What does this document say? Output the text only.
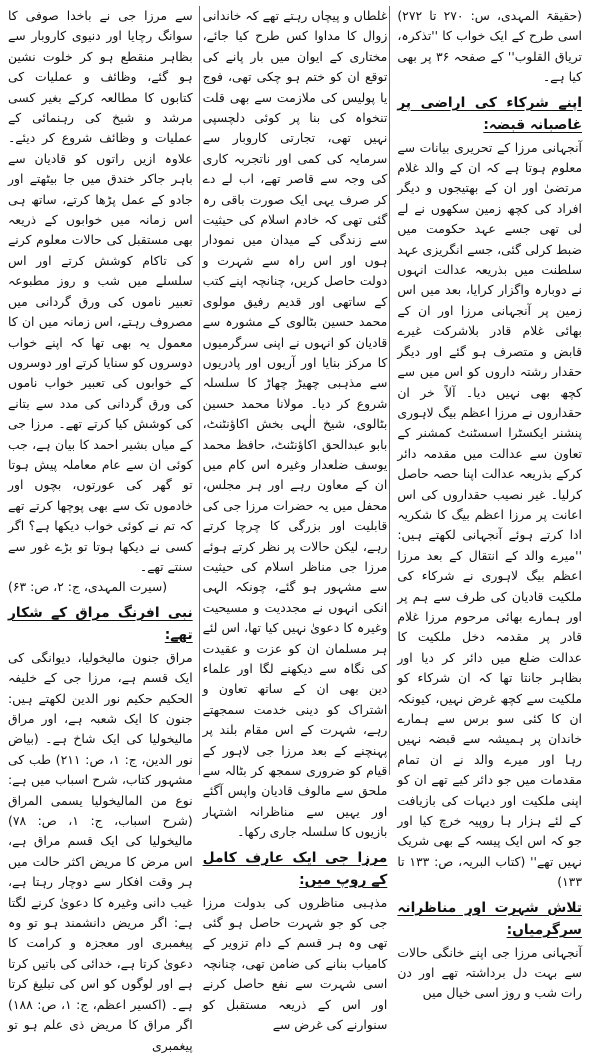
(حقیقۃ المہدی، س: ۲۷۰ تا ۲۷۲) اسی طرح کے ایک خواب کا ''تذکرہ، تریاق القلوب'' کے صفحہ ۳۶ پر بھی کیا ہے۔

اپنے شرکاء کی اراضی پر غاصبانہ قبضہ:

آنجہانی مرزا کے تحریری بیانات سے معلوم ہوتا ہے کہ ان کے والد غلام مرتضیٰ اور ان کے بھتیجوں و دیگر افراد کی کچھ زمین سکھوں نے لے لی تھی جسے عہد حکومت میں ضبط کرلی گئی، جسے انگریزی عہد سلطنت میں بذریعہ عدالت انہوں نے دوبارہ واگزار کرایا، بعد میں اس زمین پر آنجہانی مرزا اور ان کے بھائی غلام قادر بلاشرکت غیرے قابض و متصرف ہو گئے اور دیگر حقدار رشتہ داروں کو اس میں سے کچھ بھی نہیں دیا۔ آلاً خر ان حقداروں نے مرزا اعظم بیگ لاہوری پنشنر ایکسٹرا اسسٹنٹ کمشنر کے تعاون سے عدالت میں مقدمہ دائر کرکے بذریعہ عدالت اپنا حصہ حاصل کرلیا۔ غیر نصیب حقداروں کی اس اعانت پر مرزا اعظم بیگ کا شکریہ ادا کرتے ہوئے آنجہانی لکھتے ہیں: ''میرے والد کے انتقال کے بعد مرزا اعظم بیگ لاہوری نے شرکاء کی ملکیت قادیان کی طرف سے ہم پر اور ہمارے بھائی مرحوم مرزا غلام قادر پر مقدمہ دخل ملکیت کا عدالت ضلع میں دائر کر دیا اور بظاہر جانتا تھا کہ ان شرکاء کو ملکیت سے کچھ غرض نہیں، کیونکہ ان کا کئی سو برس سے ہمارے خاندان پر ہمیشہ سے قبضہ نہیں رہا اور میرے والد نے ان تمام مقدمات میں جو دائر کیے تھے ان کو اپنی ملکیت اور دیہات کی بازیافت کے لئے ہزار ہا روپیہ خرچ کیا اور جو کہ اس ایک پیسہ کے بھی شریک نہیں تھے'' (کتاب البریہ، ص: ۱۳۳ تا ۱۳۳)

تلاش شہرت اور مناظرانہ سرگرمیاں:

آنجہانی مرزا جی اپنے خانگی حالات سے بہت دل برداشتہ تھے اور دن رات شب و روز اسی خیال میں

غلطاں و پیچاں رہتے تھے کہ خاندانی زوال کا مداوا کس طرح کیا جائے، مختاری کے ایوان میں بار پانے کی توقع ان کو ختم ہو چکی تھی، فوج یا پولیس کی ملازمت سے بھی قلت تنخواہ کی بنا پر کوئی دلچسپی نہیں تھی، تجارتی کاروبار سے سرمایہ کی کمی اور ناتجربہ کاری کی وجہ سے قاصر تھے، اب لے دے کر صرف یہی ایک صورت باقی رہ گئی تھی کہ خادم اسلام کی حیثیت سے زندگی کے میدان میں نمودار ہوں اور اس راہ سے شہرت و دولت حاصل کریں، چنانچہ اپنے کتب کے ساتھی اور قدیم رفیق مولوی محمد حسین بٹالوی کے مشورہ سے قادیان کو انہوں نے اپنی سرگرمیوں کا مرکز بنایا اور آریوں اور پادریوں سے مذہبی چھیڑ چھاڑ کا سلسلہ شروع کر دیا۔ مولانا محمد حسین بٹالوی، شیخ الٰہی بخش اکاؤنٹنٹ، بابو عبدالحق اکاؤنٹنٹ، حافظ محمد یوسف ضلعدار وغیرہ اس کام میں ان کے معاون رہے اور ہر مجلس، محفل میں یہ حضرات مرزا جی کی قابلیت اور بزرگی کا چرچا کرتے رہے، لیکن حالات پر نظر کرتے ہوئے مرزا جی مناظر اسلام کی حیثیت سے مشہور ہو گئے، چونکہ الہی انکی انہوں نے مجددیت و مسیحیت وغیرہ کا دعویٰ نہیں کیا تھا، اس لئے ہر مسلمان ان کو عزت و عقیدت کی نگاہ سے دیکھنے لگا اور علماء دین بھی ان کے ساتھ تعاون و اشتراک کو دینی خدمت سمجھتے رہے، شہرت کے اس مقام بلند پر پہنچنے کے بعد مرزا جی لاہور کے قیام کو ضروری سمجھ کر بٹالہ سے ملحق سے مالوف قادیان واپس آگئے اور یہیں سے مناظرانہ اشتہار بازیوں کا سلسلہ جاری رکھا۔

مرزا جی ایک عارف کامل کے روپ میں:

مذہبی مناظروں کی بدولت مرزا جی کو جو شہرت حاصل ہو گئی تھی وہ ہر قسم کے دام تزویر کے کامیاب بنانے کی ضامن تھی، چنانچہ اسی شہرت سے نفع حاصل کرنے اور اس کے ذریعہ مستقبل کو سنوارنے کی غرض سے

سے مرزا جی نے باخدا صوفی کا سوانگ رچایا اور دنیوی کاروبار سے بظاہر منقطع ہو کر خلوت نشین ہو گئے، وظائف و عملیات کی کتابوں کا مطالعہ کرکے بغیر کسی مرشد و شیخ کی رہنمائی کے عملیات و وظائف شروع کر دیئے۔ علاوہ ازیں راتوں کو قادیان سے باہر جاکر خندق میں جا بیٹھتے اور جادو کے عمل پڑھا کرتے، ساتھ ہی اس زمانہ میں خوابوں کے ذریعہ بھی مستقبل کی حالات معلوم کرنے کی تاکام کوشش کرتے اور اس سلسلے میں شب و روز مطبوعہ تعبیر ناموں کی ورق گردانی میں مصروف رہتے، اس زمانہ میں ان کا معمول یہ بھی تھا کہ اپنے خواب دوسروں کو سنایا کرتے اور دوسروں کے خوابوں کی تعبیر خواب ناموں کی ورق گردانی کی مدد سے بتانے کی کوشش کیا کرتے تھے۔ مرزا جی کے میاں بشیر احمد کا بیان ہے، جب کوئی ان سے عام معاملہ پیش ہوتا تو گھر کی عورتوں، بچوں اور خادموں تک سے بھی پوچھا کرتے تھے کہ تم نے کوئی خواب دیکھا ہے؟ اگر کسی نے دیکھا ہوتا تو بڑے غور سے سنتے تھے۔

(سیرت المہدی، ج: ۲، ص: ۶۳)

نبی افرنگ مراق کے شکار تھے:

مراق جنون مالیخولیا، دیوانگی کی ایک قسم ہے، مرزا جی کے خلیفہ الحکیم حکیم نور الدین لکھتے ہیں: جنون کا ایک شعبہ ہے، اور مراق مالیخولیا کی ایک شاخ ہے۔ (بیاض نور الدین، ج: ۱، ص: ۲۱۱) طب کی مشہور کتاب، شرح اسباب میں ہے: نوع من المالیخولیا یسمی المراق (شرح اسباب، ج: ۱، ص: ۷۸) مالیخولیا کی ایک قسم مراق ہے، اس مرض کا مریض اکثر حالت میں ہر وقت افکار سے دوچار رہتا ہے، غیب دانی وغیرہ کا دعویٰ کرنے لگتا ہے: اگر مریض دانشمند ہو تو وہ پیغمبری اور معجزہ و کرامت کا دعویٰ کرتا ہے، خدائی کی باتیں کرتا ہے اور لوگوں کو اس کی تبلیغ کرتا ہے۔ (اکسیر اعظم، ج: ۱، ص: ۱۸۸) اگر مراق کا مریض ذی علم ہو تو پیغمبری
